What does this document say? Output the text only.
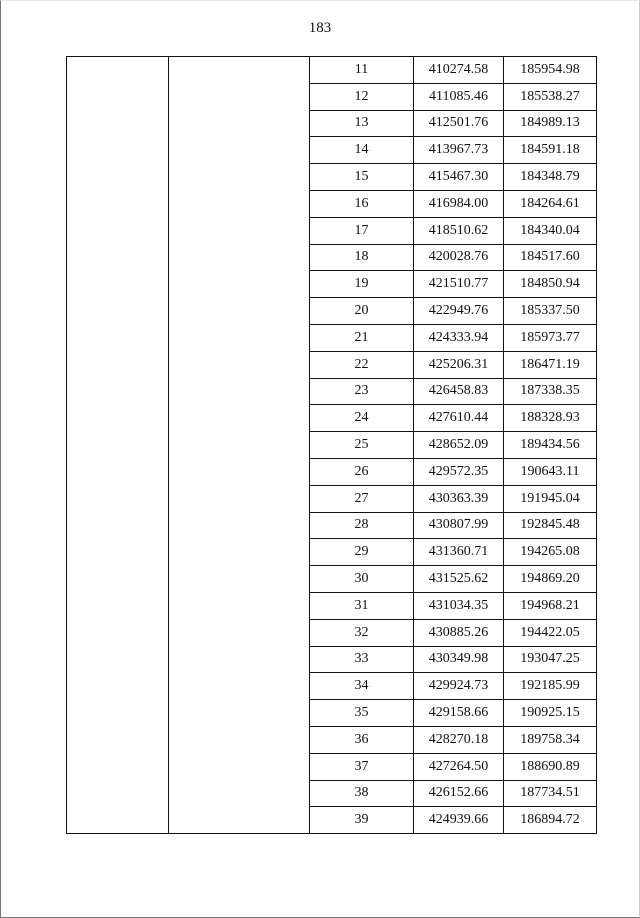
183
		11	410274.58	185954.98
		12	411085.46	185538.27
		13	412501.76	184989.13
		14	413967.73	184591.18
		15	415467.30	184348.79
		16	416984.00	184264.61
		17	418510.62	184340.04
		18	420028.76	184517.60
		19	421510.77	184850.94
		20	422949.76	185337.50
		21	424333.94	185973.77
		22	425206.31	186471.19
		23	426458.83	187338.35
		24	427610.44	188328.93
		25	428652.09	189434.56
		26	429572.35	190643.11
		27	430363.39	191945.04
		28	430807.99	192845.48
		29	431360.71	194265.08
		30	431525.62	194869.20
		31	431034.35	194968.21
		32	430885.26	194422.05
		33	430349.98	193047.25
		34	429924.73	192185.99
		35	429158.66	190925.15
		36	428270.18	189758.34
		37	427264.50	188690.89
		38	426152.66	187734.51
		39	424939.66	186894.72
